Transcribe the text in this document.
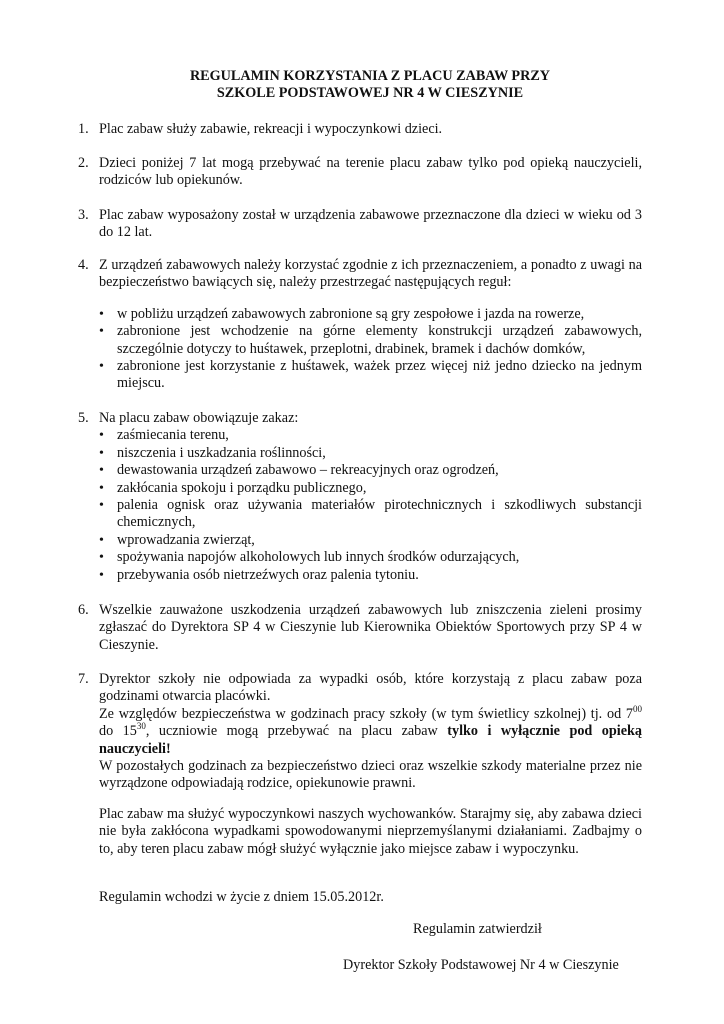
REGULAMIN KORZYSTANIA Z PLACU ZABAW PRZY
SZKOLE PODSTAWOWEJ NR 4 W CIESZYNIE
1. Plac zabaw służy zabawie, rekreacji i wypoczynkowi dzieci.
2. Dzieci poniżej 7 lat mogą przebywać na terenie placu zabaw tylko pod opieką nauczycieli, rodziców lub opiekunów.
3. Plac zabaw wyposażony został w urządzenia zabawowe przeznaczone dla dzieci w wieku od 3 do 12 lat.
4. Z urządzeń zabawowych należy korzystać zgodnie z ich przeznaczeniem, a ponadto z uwagi na bezpieczeństwo bawiących się, należy przestrzegać następujących reguł:
• w pobliżu urządzeń zabawowych zabronione są gry zespołowe i jazda na rowerze,
• zabronione jest wchodzenie na górne elementy konstrukcji urządzeń zabawowych, szczególnie dotyczy to huśtawek, przeplotni, drabinek, bramek i dachów domków,
• zabronione jest korzystanie z huśtawek, ważek przez więcej niż jedno dziecko na jednym miejscu.
5. Na placu zabaw obowiązuje zakaz:
• zaśmiecania terenu,
• niszczenia i uszkadzania roślinności,
• dewastowania urządzeń zabawowo – rekreacyjnych oraz ogrodzeń,
• zakłócania spokoju i porządku publicznego,
• palenia ognisk oraz używania materiałów pirotechnicznych i szkodliwych substancji chemicznych,
• wprowadzania zwierząt,
• spożywania napojów alkoholowych lub innych środków odurzających,
• przebywania osób nietrzeźwych oraz palenia tytoniu.
6. Wszelkie zauważone uszkodzenia urządzeń zabawowych lub zniszczenia zieleni prosimy zgłaszać do Dyrektora SP 4 w Cieszynie lub Kierownika Obiektów Sportowych przy SP 4 w Cieszynie.
7. Dyrektor szkoły nie odpowiada za wypadki osób, które korzystają z placu zabaw poza godzinami otwarcia placówki.
Ze względów bezpieczeństwa w godzinach pracy szkoły (w tym świetlicy szkolnej) tj. od $7^{00}$ do $15^{30}$, uczniowie mogą przebywać na placu zabaw tylko i wyłącznie pod opieką nauczycieli!
W pozostałych godzinach za bezpieczeństwo dzieci oraz wszelkie szkody materialne przez nie wyrządzone odpowiadają rodzice, opiekunowie prawni.
Plac zabaw ma służyć wypoczynkowi naszych wychowanków. Starajmy się, aby zabawa dzieci nie była zakłócona wypadkami spowodowanymi nieprzemyślanymi działaniami. Zadbajmy o to, aby teren placu zabaw mógł służyć wyłącznie jako miejsce zabaw i wypoczynku.
Regulamin wchodzi w życie z dniem 15.05.2012r.
Regulamin zatwierdził
Dyrektor Szkoły Podstawowej Nr 4 w Cieszynie
